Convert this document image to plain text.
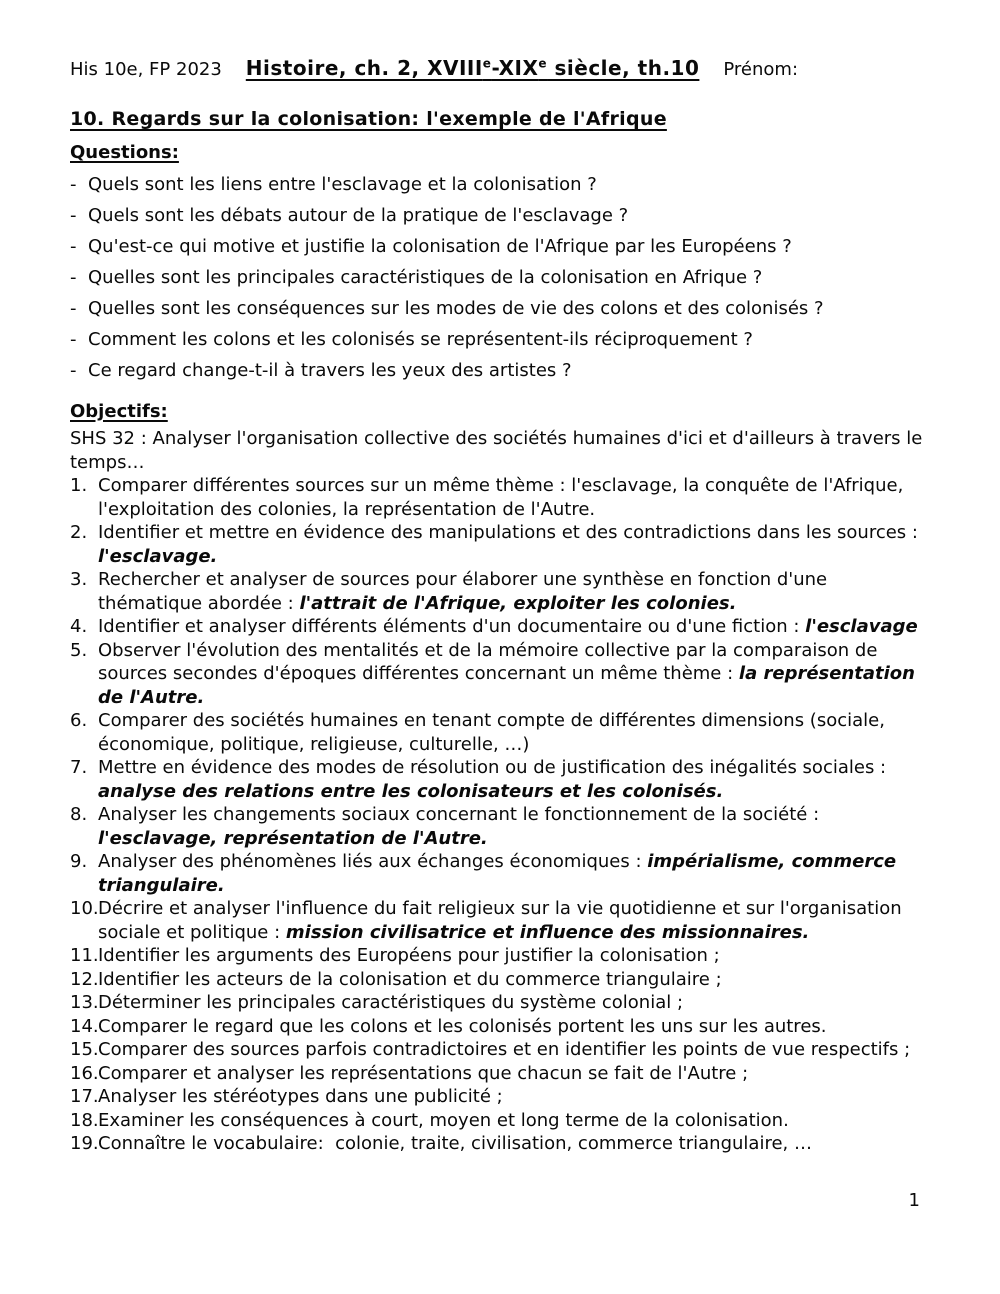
His 10e, FP 2023 Histoire, ch. 2, XVIIIe-XIXe siècle, th.10 Prénom:
10. Regards sur la colonisation: l'exemple de l'Afrique
Questions:
- Quels sont les liens entre l'esclavage et la colonisation ?
- Quels sont les débats autour de la pratique de l'esclavage ?
- Qu'est-ce qui motive et justifie la colonisation de l'Afrique par les Européens ?
- Quelles sont les principales caractéristiques de la colonisation en Afrique ?
- Quelles sont les conséquences sur les modes de vie des colons et des colonisés ?
- Comment les colons et les colonisés se représentent-ils réciproquement ?
- Ce regard change-t-il à travers les yeux des artistes ?
Objectifs:
SHS 32 : Analyser l'organisation collective des sociétés humaines d'ici et d'ailleurs à travers le temps…
1. Comparer différentes sources sur un même thème : l'esclavage, la conquête de l'Afrique, l'exploitation des colonies, la représentation de l'Autre.
2. Identifier et mettre en évidence des manipulations et des contradictions dans les sources : l'esclavage.
3. Rechercher et analyser de sources pour élaborer une synthèse en fonction d'une thématique abordée : l'attrait de l'Afrique, exploiter les colonies.
4. Identifier et analyser différents éléments d'un documentaire ou d'une fiction : l'esclavage
5. Observer l'évolution des mentalités et de la mémoire collective par la comparaison de sources secondes d'époques différentes concernant un même thème : la représentation de l'Autre.
6. Comparer des sociétés humaines en tenant compte de différentes dimensions (sociale, économique, politique, religieuse, culturelle, …)
7. Mettre en évidence des modes de résolution ou de justification des inégalités sociales : analyse des relations entre les colonisateurs et les colonisés.
8. Analyser les changements sociaux concernant le fonctionnement de la société : l'esclavage, représentation de l'Autre.
9. Analyser des phénomènes liés aux échanges économiques : impérialisme, commerce triangulaire.
10. Décrire et analyser l'influence du fait religieux sur la vie quotidienne et sur l'organisation sociale et politique : mission civilisatrice et influence des missionnaires.
11. Identifier les arguments des Européens pour justifier la colonisation ;
12. Identifier les acteurs de la colonisation et du commerce triangulaire ;
13. Déterminer les principales caractéristiques du système colonial ;
14. Comparer le regard que les colons et les colonisés portent les uns sur les autres.
15. Comparer des sources parfois contradictoires et en identifier les points de vue respectifs ;
16. Comparer et analyser les représentations que chacun se fait de l'Autre ;
17. Analyser les stéréotypes dans une publicité ;
18. Examiner les conséquences à court, moyen et long terme de la colonisation.
19. Connaître le vocabulaire:  colonie, traite, civilisation, commerce triangulaire, …
1
